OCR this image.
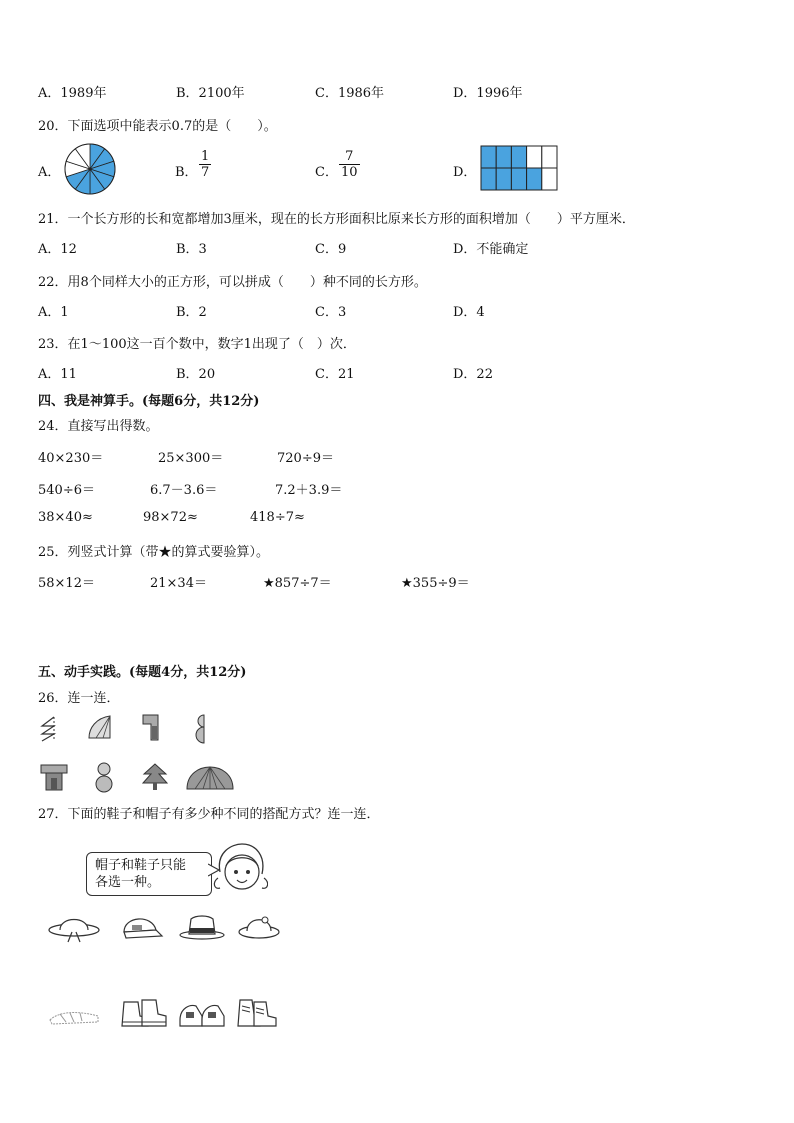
A．1989年	B．2100年	C．1986年	D．1996年
20．下面选项中能表示0.7的是（　　）。
A．	B． $\frac{1}{7}$	C． $\frac{7}{10}$	D．
21．一个长方形的长和宽都增加3厘米，现在的长方形面积比原来长方形的面积增加（　　）平方厘米．
A．12	B．3	C．9	D．不能确定
22．用8个同样大小的正方形，可以拼成（　　）种不同的长方形。
A．1	B．2	C．3	D．4
23．在1～100这一百个数中，数字1出现了（　）次．
A．11	B．20	C．21	D．22
四、我是神算手。(每题6分，共12分)
24．直接写出得数。
40×230＝	25×300＝	720÷9＝
540÷6＝	6.7－3.6＝	7.2＋3.9＝
38×40≈	98×72≈	418÷7≈
25．列竖式计算（带★的算式要验算）。
58×12＝	21×34＝	★857÷7＝	★355÷9＝
五、动手实践。(每题4分，共12分)
26．连一连．
27．下面的鞋子和帽子有多少种不同的搭配方式？连一连．
帽子和鞋子只能
各选一种。
